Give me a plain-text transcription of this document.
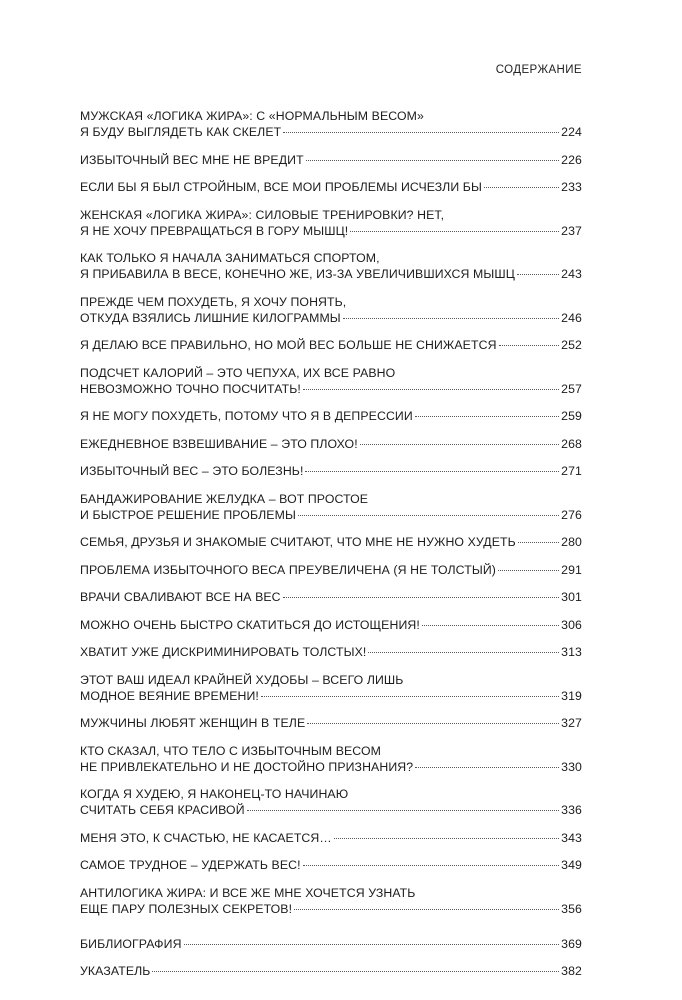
СОДЕРЖАНИЕ
МУЖСКАЯ «ЛОГИКА ЖИРА»: С «НОРМАЛЬНЫМ ВЕСОМ»
Я БУДУ ВЫГЛЯДЕТЬ КАК СКЕЛЕТ	224
ИЗБЫТОЧНЫЙ ВЕС МНЕ НЕ ВРЕДИТ	226
ЕСЛИ БЫ Я БЫЛ СТРОЙНЫМ, ВСЕ МОИ ПРОБЛЕМЫ ИСЧЕЗЛИ БЫ	233
ЖЕНСКАЯ «ЛОГИКА ЖИРА»: СИЛОВЫЕ ТРЕНИРОВКИ? НЕТ,
Я НЕ ХОЧУ ПРЕВРАЩАТЬСЯ В ГОРУ МЫШЦ!	237
КАК ТОЛЬКО Я НАЧАЛА ЗАНИМАТЬСЯ СПОРТОМ,
Я ПРИБАВИЛА В ВЕСЕ, КОНЕЧНО ЖЕ, ИЗ-ЗА УВЕЛИЧИВШИХСЯ МЫШЦ	243
ПРЕЖДЕ ЧЕМ ПОХУДЕТЬ, Я ХОЧУ ПОНЯТЬ,
ОТКУДА ВЗЯЛИСЬ ЛИШНИЕ КИЛОГРАММЫ	246
Я ДЕЛАЮ ВСЕ ПРАВИЛЬНО, НО МОЙ ВЕС БОЛЬШЕ НЕ СНИЖАЕТСЯ	252
ПОДСЧЕТ КАЛОРИЙ – ЭТО ЧЕПУХА, ИХ ВСЕ РАВНО
НЕВОЗМОЖНО ТОЧНО ПОСЧИТАТЬ!	257
Я НЕ МОГУ ПОХУДЕТЬ, ПОТОМУ ЧТО Я В ДЕПРЕССИИ	259
ЕЖЕДНЕВНОЕ ВЗВЕШИВАНИЕ – ЭТО ПЛОХО!	268
ИЗБЫТОЧНЫЙ ВЕС – ЭТО БОЛЕЗНЬ!	271
БАНДАЖИРОВАНИЕ ЖЕЛУДКА – ВОТ ПРОСТОЕ
И БЫСТРОЕ РЕШЕНИЕ ПРОБЛЕМЫ	276
СЕМЬЯ, ДРУЗЬЯ И ЗНАКОМЫЕ СЧИТАЮТ, ЧТО МНЕ НЕ НУЖНО ХУДЕТЬ	280
ПРОБЛЕМА ИЗБЫТОЧНОГО ВЕСА ПРЕУВЕЛИЧЕНА (Я НЕ ТОЛСТЫЙ)	291
ВРАЧИ СВАЛИВАЮТ ВСЕ НА ВЕС	301
МОЖНО ОЧЕНЬ БЫСТРО СКАТИТЬСЯ ДО ИСТОЩЕНИЯ!	306
ХВАТИТ УЖЕ ДИСКРИМИНИРОВАТЬ ТОЛСТЫХ!	313
ЭТОТ ВАШ ИДЕАЛ КРАЙНЕЙ ХУДОБЫ – ВСЕГО ЛИШЬ
МОДНОЕ ВЕЯНИЕ ВРЕМЕНИ!	319
МУЖЧИНЫ ЛЮБЯТ ЖЕНЩИН В ТЕЛЕ	327
КТО СКАЗАЛ, ЧТО ТЕЛО С ИЗБЫТОЧНЫМ ВЕСОМ
НЕ ПРИВЛЕКАТЕЛЬНО И НЕ ДОСТОЙНО ПРИЗНАНИЯ?	330
КОГДА Я ХУДЕЮ, Я НАКОНЕЦ-ТО НАЧИНАЮ
СЧИТАТЬ СЕБЯ КРАСИВОЙ	336
МЕНЯ ЭТО, К СЧАСТЬЮ, НЕ КАСАЕТСЯ…	343
САМОЕ ТРУДНОЕ – УДЕРЖАТЬ ВЕС!	349
АНТИЛОГИКА ЖИРА: И ВСЕ ЖЕ МНЕ ХОЧЕТСЯ УЗНАТЬ
ЕЩЕ ПАРУ ПОЛЕЗНЫХ СЕКРЕТОВ!	356
БИБЛИОГРАФИЯ	369
УКАЗАТЕЛЬ	382
